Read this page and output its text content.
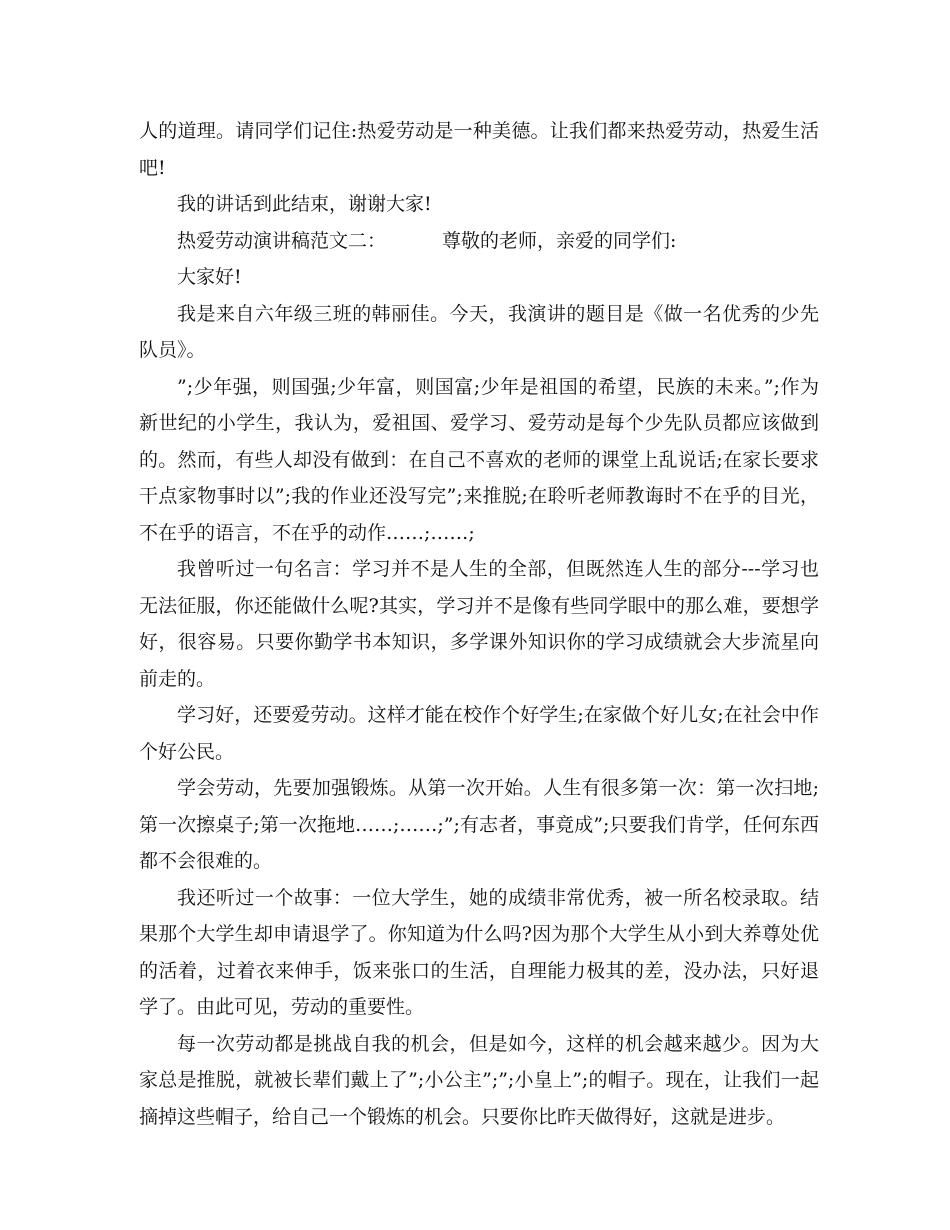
人的道理。请同学们记住:热爱劳动是一种美德。让我们都来热爱劳动，热爱生活吧!

我的讲话到此结束，谢谢大家!

热爱劳动演讲稿范文二：	尊敬的老师，亲爱的同学们:

大家好!

我是来自六年级三班的韩丽佳。今天，我演讲的题目是《做一名优秀的少先队员》。

”;少年强，则国强;少年富，则国富;少年是祖国的希望，民族的未来。”;作为新世纪的小学生，我认为，爱祖国、爱学习、爱劳动是每个少先队员都应该做到的。然而，有些人却没有做到：在自己不喜欢的老师的课堂上乱说话;在家长要求干点家物事时以”;我的作业还没写完”;来推脱;在聆听老师教诲时不在乎的目光，不在乎的语言，不在乎的动作……;……;

我曾听过一句名言：学习并不是人生的全部，但既然连人生的部分---学习也无法征服，你还能做什么呢?其实，学习并不是像有些同学眼中的那么难，要想学好，很容易。只要你勤学书本知识，多学课外知识你的学习成绩就会大步流星向前走的。

学习好，还要爱劳动。这样才能在校作个好学生;在家做个好儿女;在社会中作个好公民。

学会劳动，先要加强锻炼。从第一次开始。人生有很多第一次：第一次扫地;第一次擦桌子;第一次拖地……;……;”;有志者，事竟成”;只要我们肯学，任何东西都不会很难的。

我还听过一个故事：一位大学生，她的成绩非常优秀，被一所名校录取。结果那个大学生却申请退学了。你知道为什么吗?因为那个大学生从小到大养尊处优的活着，过着衣来伸手，饭来张口的生活，自理能力极其的差，没办法，只好退学了。由此可见，劳动的重要性。

每一次劳动都是挑战自我的机会，但是如今，这样的机会越来越少。因为大家总是推脱，就被长辈们戴上了”;小公主”;”;小皇上”;的帽子。现在，让我们一起摘掉这些帽子，给自己一个锻炼的机会。只要你比昨天做得好，这就是进步。
